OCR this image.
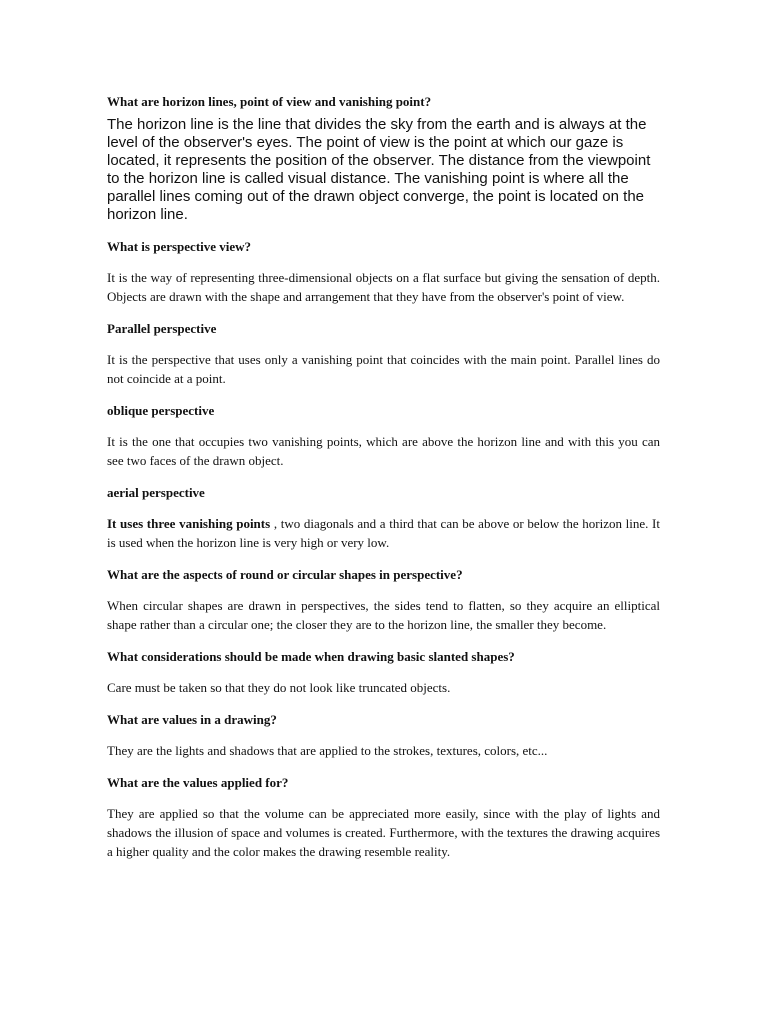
What are horizon lines, point of view and vanishing point?

The horizon line is the line that divides the sky from the earth and is always at the level of the observer's eyes. The point of view is the point at which our gaze is located, it represents the position of the observer. The distance from the viewpoint to the horizon line is called visual distance. The vanishing point is where all the parallel lines coming out of the drawn object converge, the point is located on the horizon line.

What is perspective view?

It is the way of representing three-dimensional objects on a flat surface but giving the sensation of depth. Objects are drawn with the shape and arrangement that they have from the observer's point of view.

Parallel perspective

It is the perspective that uses only a vanishing point that coincides with the main point. Parallel lines do not coincide at a point.

oblique perspective

It is the one that occupies two vanishing points, which are above the horizon line and with this you can see two faces of the drawn object.

aerial perspective

It uses three vanishing points , two diagonals and a third that can be above or below the horizon line. It is used when the horizon line is very high or very low.

What are the aspects of round or circular shapes in perspective?

When circular shapes are drawn in perspectives, the sides tend to flatten, so they acquire an elliptical shape rather than a circular one; the closer they are to the horizon line, the smaller they become.

What considerations should be made when drawing basic slanted shapes?

Care must be taken so that they do not look like truncated objects.

What are values in a drawing?

They are the lights and shadows that are applied to the strokes, textures, colors, etc...

What are the values applied for?

They are applied so that the volume can be appreciated more easily, since with the play of lights and shadows the illusion of space and volumes is created. Furthermore, with the textures the drawing acquires a higher quality and the color makes the drawing resemble reality.
